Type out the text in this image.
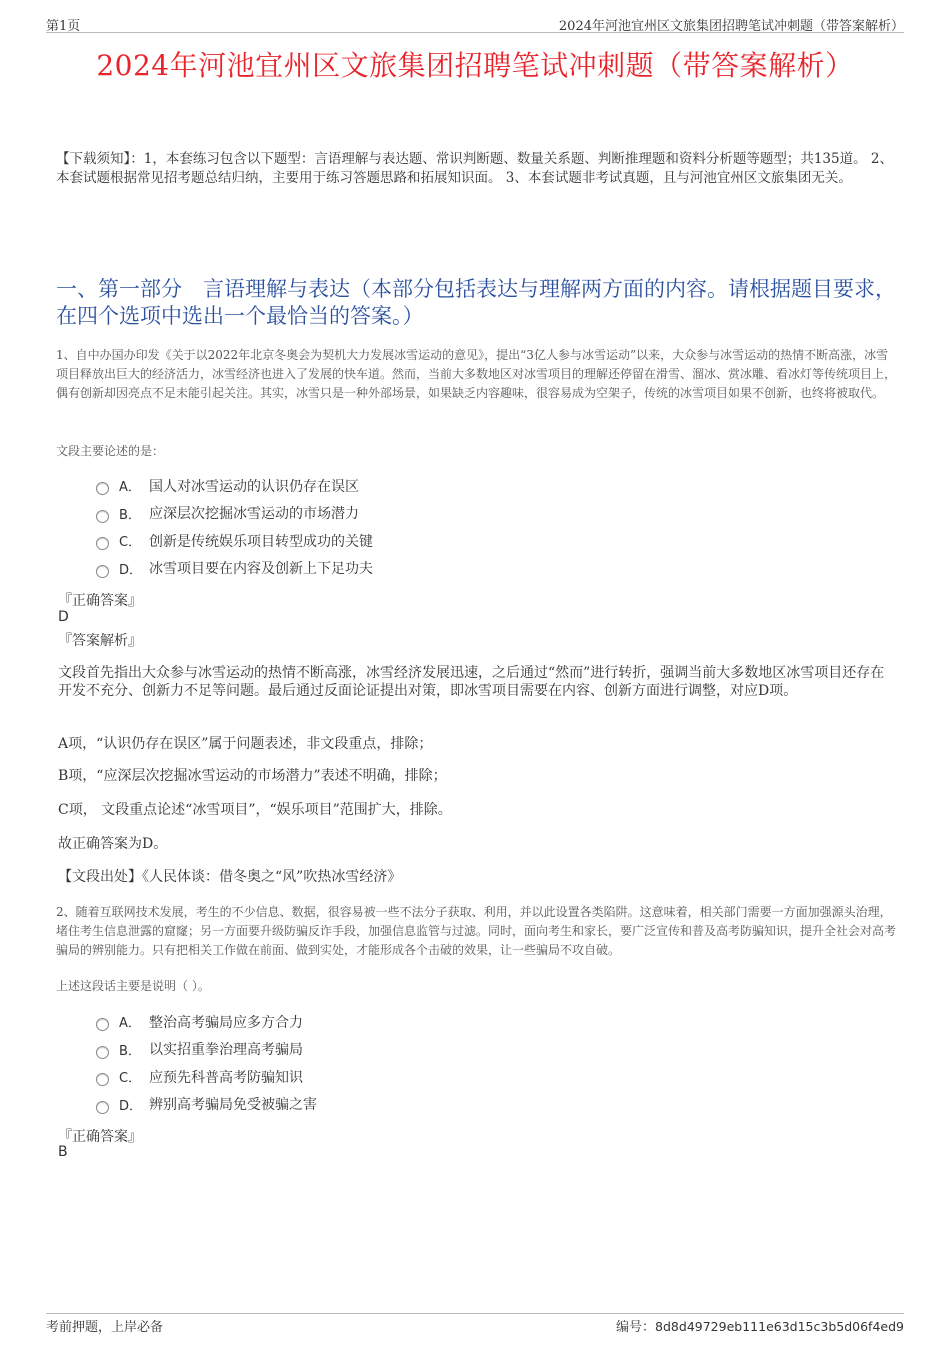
第1页	2024年河池宜州区文旅集团招聘笔试冲刺题（带答案解析）
2024年河池宜州区文旅集团招聘笔试冲刺题（带答案解析）
【下载须知】：1，本套练习包含以下题型：言语理解与表达题、常识判断题、数量关系题、判断推理题和资料分析题等题型；共135道。 2、本套试题根据常见招考题总结归纳，主要用于练习答题思路和拓展知识面。 3、本套试题非考试真题，且与河池宜州区文旅集团无关。
一、第一部分　言语理解与表达（本部分包括表达与理解两方面的内容。请根据题目要求，在四个选项中选出一个最恰当的答案。）
1、自中办国办印发《关于以2022年北京冬奥会为契机大力发展冰雪运动的意见》，提出“3亿人参与冰雪运动”以来，大众参与冰雪运动的热情不断高涨，冰雪项目释放出巨大的经济活力，冰雪经济也进入了发展的快车道。然而，当前大多数地区对冰雪项目的理解还停留在滑雪、溜冰、赏冰雕、看冰灯等传统项目上，偶有创新却因亮点不足未能引起关注。其实，冰雪只是一种外部场景，如果缺乏内容趣味，很容易成为空架子，传统的冰雪项目如果不创新，也终将被取代。
文段主要论述的是：
A． 国人对冰雪运动的认识仍存在误区
B． 应深层次挖掘冰雪运动的市场潜力
C． 创新是传统娱乐项目转型成功的关键
D． 冰雪项目要在内容及创新上下足功夫
『正确答案』
D
『答案解析』
文段首先指出大众参与冰雪运动的热情不断高涨，冰雪经济发展迅速，之后通过“然而”进行转折，强调当前大多数地区冰雪项目还存在开发不充分、创新力不足等问题。最后通过反面论证提出对策，即冰雪项目需要在内容、创新方面进行调整，对应D项。
A项，“认识仍存在误区”属于问题表述，非文段重点，排除；
B项，“应深层次挖掘冰雪运动的市场潜力”表述不明确，排除；
C项， 文段重点论述“冰雪项目”，“娱乐项目”范围扩大，排除。
故正确答案为D。
【文段出处】《人民体谈：借冬奥之“风”吹热冰雪经济》
2、随着互联网技术发展，考生的不少信息、数据，很容易被一些不法分子获取、利用，并以此设置各类陷阱。这意味着，相关部门需要一方面加强源头治理，堵住考生信息泄露的窟窿；另一方面要升级防骗反诈手段，加强信息监管与过滤。同时，面向考生和家长，要广泛宣传和普及高考防骗知识，提升全社会对高考骗局的辨别能力。只有把相关工作做在前面、做到实处，才能形成各个击破的效果，让一些骗局不攻自破。
上述这段话主要是说明（ ）。
A． 整治高考骗局应多方合力
B． 以实招重拳治理高考骗局
C． 应预先科普高考防骗知识
D． 辨别高考骗局免受被骗之害
『正确答案』
B
考前押题，上岸必备	编号：8d8d49729eb111e63d15c3b5d06f4ed9
